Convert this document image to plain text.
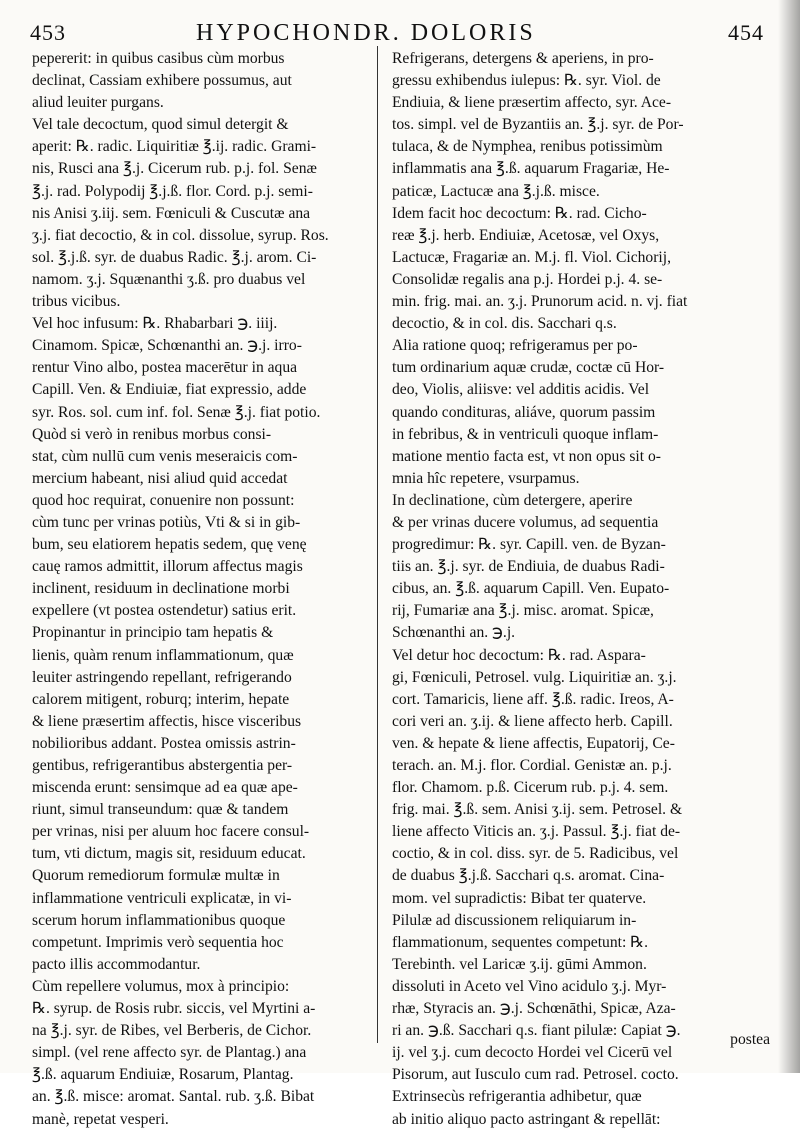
453	HYPOCHONDR. DOLORIS	454
pepererit: in quibus casibus cùm morbus
declinat, Cassiam exhibere possumus, aut
aliud leuiter purgans.
Vel tale decoctum, quod simul detergit &
aperit: ℞. radic. Liquiritiæ ℥.ij. radic. Grami-
nis, Rusci ana ℥.j. Cicerum rub. p.j. fol. Senæ
℥.j. rad. Polypodij ℥.j.ß. flor. Cord. p.j. semi-
nis Anisi ʒ.iij. sem. Fœniculi & Cuscutæ ana
ʒ.j. fiat decoctio, & in col. dissolue, syrup. Ros.
sol. ℥.j.ß. syr. de duabus Radic. ℥.j. arom. Ci-
namom. ʒ.j. Squænanthi ʒ.ß. pro duabus vel
tribus vicibus.
Vel hoc infusum: ℞. Rhabarbari ℈. iiij.
Cinamom. Spicæ, Schœnanthi an. ℈.j. irro-
rentur Vino albo, postea macerētur in aqua
Capill. Ven. & Endiuiæ, fiat expressio, adde
syr. Ros. sol. cum inf. fol. Senæ ℥.j. fiat potio.
Quòd si verò in renibus morbus consi-
stat, cùm nullū cum venis meseraicis com-
mercium habeant, nisi aliud quid accedat
quod hoc requirat, conuenire non possunt:
cùm tunc per vrinas potiùs, Vti & si in gib-
bum, seu elatiorem hepatis sedem, quę venę
cauę ramos admittit, illorum affectus magis
inclinent, residuum in declinatione morbi
expellere (vt postea ostendetur) satius erit.
Propinantur in principio tam hepatis &
lienis, quàm renum inflammationum, quæ
leuiter astringendo repellant, refrigerando
calorem mitigent, roburq; interim, hepate
& liene præsertim affectis, hisce visceribus
nobilioribus addant. Postea omissis astrin-
gentibus, refrigerantibus abstergentia per-
miscenda erunt: sensimque ad ea quæ ape-
riunt, simul transeundum: quæ & tandem
per vrinas, nisi per aluum hoc facere consul-
tum, vti dictum, magis sit, residuum educat.
Quorum remediorum formulæ multæ in
inflammatione ventriculi explicatæ, in vi-
scerum horum inflammationibus quoque
competunt. Imprimis verò sequentia hoc
pacto illis accommodantur.
Cùm repellere volumus, mox à principio:
℞. syrup. de Rosis rubr. siccis, vel Myrtini a-
na ℥.j. syr. de Ribes, vel Berberis, de Cichor.
simpl. (vel rene affecto syr. de Plantag.) ana
℥.ß. aquarum Endiuiæ, Rosarum, Plantag.
an. ℥.ß. misce: aromat. Santal. rub. ʒ.ß. Bibat
manè, repetat vesperi.
Refrigerans, detergens & aperiens, in pro-
gressu exhibendus iulepus: ℞. syr. Viol. de
Endiuia, & liene præsertim affecto, syr. Ace-
tos. simpl. vel de Byzantiis an. ℥.j. syr. de Por-
tulaca, & de Nymphea, renibus potissimùm
inflammatis ana ℥.ß. aquarum Fragariæ, He-
paticæ, Lactucæ ana ℥.j.ß. misce.
Idem facit hoc decoctum: ℞. rad. Cicho-
reæ ℥.j. herb. Endiuiæ, Acetosæ, vel Oxys,
Lactucæ, Fragariæ an. M.j. fl. Viol. Cichorij,
Consolidæ regalis ana p.j. Hordei p.j. 4. se-
min. frig. mai. an. ʒ.j. Prunorum acid. n. vj. fiat
decoctio, & in col. dis. Sacchari q.s.
Alia ratione quoq; refrigeramus per po-
tum ordinarium aquæ crudæ, coctæ cū Hor-
deo, Violis, aliisve: vel additis acidis. Vel
quando condituras, aliáve, quorum passim
in febribus, & in ventriculi quoque inflam-
matione mentio facta est, vt non opus sit o-
mnia hîc repetere, vsurpamus.
In declinatione, cùm detergere, aperire
& per vrinas ducere volumus, ad sequentia
progredimur: ℞. syr. Capill. ven. de Byzan-
tiis an. ℥.j. syr. de Endiuia, de duabus Radi-
cibus, an. ℥.ß. aquarum Capill. Ven. Eupato-
rij, Fumariæ ana ℥.j. misc. aromat. Spicæ,
Schœnanthi an. ℈.j.
Vel detur hoc decoctum: ℞. rad. Aspara-
gi, Fœniculi, Petrosel. vulg. Liquiritiæ an. ʒ.j.
cort. Tamaricis, liene aff. ℥.ß. radic. Ireos, A-
cori veri an. ʒ.ij. & liene affecto herb. Capill.
ven. & hepate & liene affectis, Eupatorij, Ce-
terach. an. M.j. flor. Cordial. Genistæ an. p.j.
flor. Chamom. p.ß. Cicerum rub. p.j. 4. sem.
frig. mai. ℥.ß. sem. Anisi ʒ.ij. sem. Petrosel. &
liene affecto Viticis an. ʒ.j. Passul. ℥.j. fiat de-
coctio, & in col. diss. syr. de 5. Radicibus, vel
de duabus ℥.j.ß. Sacchari q.s. aromat. Cina-
mom. vel supradictis: Bibat ter quaterve.
Pilulæ ad discussionem reliquiarum in-
flammationum, sequentes competunt: ℞.
Terebinth. vel Laricæ ʒ.ij. gūmi Ammon.
dissoluti in Aceto vel Vino acidulo ʒ.j. Myr-
rhæ, Styracis an. ℈.j. Schœnāthi, Spicæ, Aza-
ri an. ℈.ß. Sacchari q.s. fiant pilulæ: Capiat ℈.
ij. vel ʒ.j. cum decocto Hordei vel Cicerū vel
Pisorum, aut Iusculo cum rad. Petrosel. cocto.
Extrinsecùs refrigerantia adhibetur, quæ
ab initio aliquo pacto astringant & repellāt:
postea
